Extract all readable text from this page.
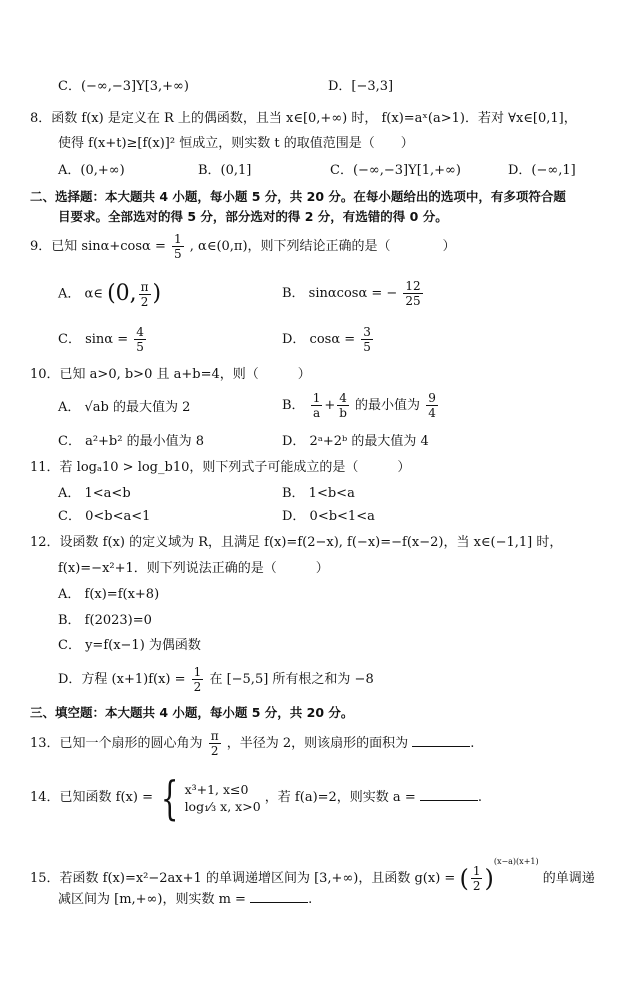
C．(−∞,−3]Y[3,+∞)	D．[−3,3]
8．函数 f(x) 是定义在 R 上的偶函数，且当 x∈[0,+∞) 时， f(x)=aˣ(a>1)．若对 ∀x∈[0,1]，
使得 f(x+t)≥[f(x)]² 恒成立，则实数 t 的取值范围是（　　）
A．(0,+∞)	B．(0,1]	C．(−∞,−3]Y[1,+∞)	D．(−∞,1]
二、选择题：本大题共 4 小题，每小题 5 分，共 20 分。在每小题给出的选项中，有多项符合题
目要求。全部选对的得 5 分，部分选对的得 2 分，有选错的得 0 分。
9．已知 $\sin\alpha+\cos\alpha = \frac{1}{5}$ , α∈(0,π)，则下列结论正确的是（　　　　）
A． α∈ (0, $\frac{\pi}{2}$ )	B． sinαcosα = − $\frac{12}{25}$
C． $\sin\alpha = \frac{4}{5}$	D． $\cos\alpha = \frac{3}{5}$
10．已知 a>0, b>0 且 a+b=4，则（　　　）
A． √ab 的最大值为 2	B． $\frac{1}{a} + \frac{4}{b}$ 的最小值为 $\frac{9}{4}$
C． a²+b² 的最小值为 8	D． 2ᵃ+2ᵇ 的最大值为 4
11．若 logₐ10 > log_b10，则下列式子可能成立的是（　　　）
A． 1<a<b	B． 1<b<a
C． 0<b<a<1	D． 0<b<1<a
12．设函数 f(x) 的定义域为 R，且满足 f(x)=f(2−x), f(−x)=−f(x−2)，当 x∈(−1,1] 时，
f(x)=−x²+1．则下列说法正确的是（　　　）
A． f(x)=f(x+8)
B． f(2023)=0
C． y=f(x−1) 为偶函数
D．方程 $(x+1)f(x) = \frac{1}{2}$ 在 [−5,5] 所有根之和为 −8
三、填空题：本大题共 4 小题，每小题 5 分，共 20 分。
13．已知一个扇形的圆心角为 $\frac{\pi}{2}$ ，半径为 2，则该扇形的面积为	.
14．已知函数 f(x) = { x³+1, x≤0
log₁⁄₃ x, x>0
，若 f(a)=2，则实数 a =	.
15．若函数 f(x)=x²−2ax+1 的单调递增区间为 [3,+∞)，且函数 g(x) = ( $\frac{1}{2} )^{(x-a)(x+1)}$ 的单调递
减区间为 [m,+∞)，则实数 m =	.
